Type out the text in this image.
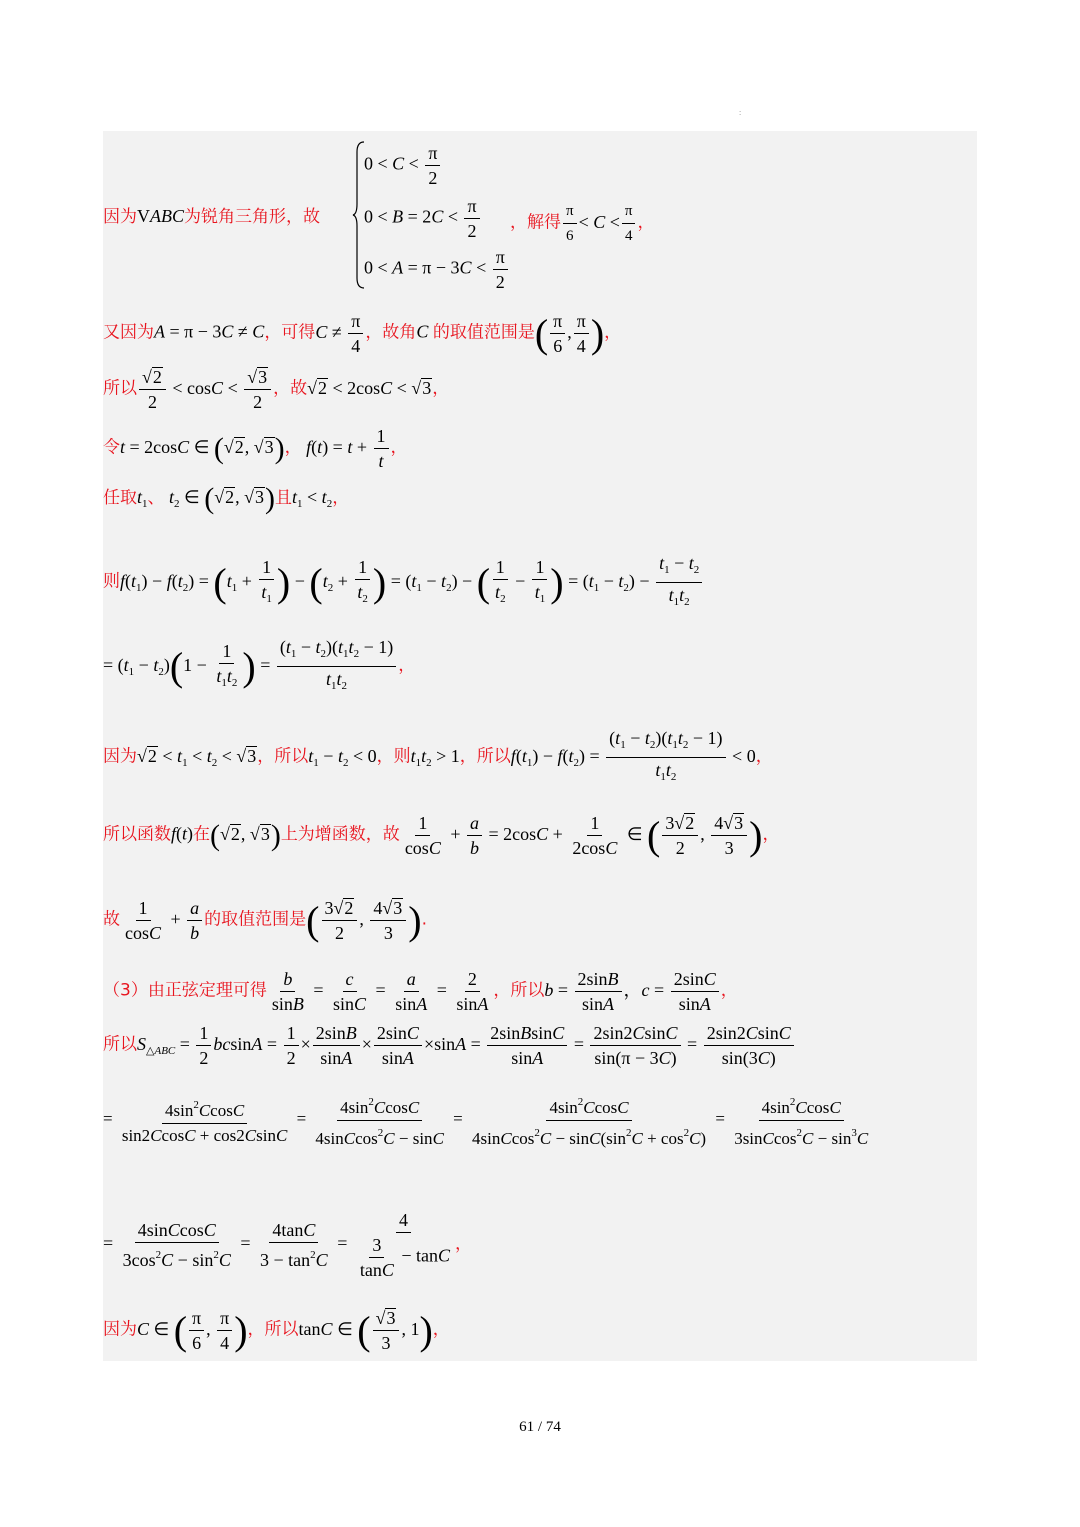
:
因为VABC为锐角三角形，故
$0 < C < \frac{\pi}{2}$
$0 < B = 2C < \frac{\pi}{2}$
$0 < A = \pi - 3C < \frac{\pi}{2}$
，解得 $\frac{\pi}{6} < C < \frac{\pi}{4}$ ，
又因为A = π − 3C ≠ C，可得$C \ne \frac{\pi}{4}$ ，故角C 的取值范围是( $\frac{\pi}{6}$ , $\frac{\pi}{4}$ )，
所以 $\frac{√2}{2} < \cos C < \frac{√3}{2}$ ，故√2 < 2cosC < √3，
令t = 2cosC ∈ (√2, √3)， $f(t) = t + \frac{1}{t}$ ，
任取$t_1$、 $t_2$ ∈ (√2, √3)且$t_1 < t_2$，
则$f(t_1) - f(t_2) = (t_1 + \frac{1}{t_1}$ ) − ($t_2 + \frac{1}{t_2}$ ) = $(t_1 - t_2)$ − ( $\frac{1}{t_2} - \frac{1}{t_1}$ ) = $(t_1 - t_2) - \frac{t_1 - t_2}{t_1t_2}$
= $(t_1 - t_2)(1 - \frac{1}{t_1t_2}$ ) = $\frac{(t_1 - t_2)(t_1t_2 - 1)}{t_1t_2}$ ，
因为$√2 < t_1 < t_2 < √3$，所以$t_1 - t_2 < 0$，则$t_1t_2 > 1$，所以$f(t_1) - f(t_2) = \frac{(t_1 - t_2)(t_1t_2 - 1)}{t_1t_2} < 0$，
所以函数f(t)在(√2, √3)上为增函数，故 $\frac{1}{\cos C} + \frac{a}{b} = 2\cos C + \frac{1}{2\cos C}$ ∈ ( $\frac{3√2}{2}$ , $\frac{4√3}{3}$ )，
故 $\frac{1}{\cos C} + \frac{a}{b}$ 的取值范围是( $\frac{3√2}{2}$ , $\frac{4√3}{3}$ ).
（3）由正弦定理可得 $\frac{b}{\sin B} = \frac{c}{\sin C} = \frac{a}{\sin A} = \frac{2}{\sin A}$ ，所以$b = \frac{2\sin B}{\sin A}$ ，$c = \frac{2\sin C}{\sin A}$ ，
所以$S_{\triangle ABC} = \frac{1}{2}$ $bcsinA = \frac{1}{2} \times \frac{2\sin B}{\sin A} \times \frac{2\sin C}{\sin A} \times\sin A = \frac{\text{2sinBsinC}}{\sin A} = \frac{2\sin 2CsinC}{\sin(\pi - 3C)} = \frac{2\sin 2CsinC}{\sin(3C)}$
= $\frac{4\sin^2CcosC}{\sin 2CcosC + \cos 2CsinC} = \frac{4\sin^2CcosC}{4sinCcos^2C - \sin C} = \frac{4\sin^2CcosC}{4sinCcos^2C - \sin C(\sin^2C + \cos^2C)} = \frac{4\sin^2CcosC}{3sinCcos^2C - \sin^3C}$
= $\frac{\text{4sinCcosC}}{3\cos^2C - \sin^2C} = \frac{4\tan C}{3 - \tan^2C} = \frac{4}{\frac{3}{\tan C} - \tan C}$ ，
因为C ∈ ( $\frac{\pi}{6}$ , $\frac{\pi}{4}$ )，所以tanC ∈ ( $\frac{√3}{3}$ , 1)，
61 / 74
